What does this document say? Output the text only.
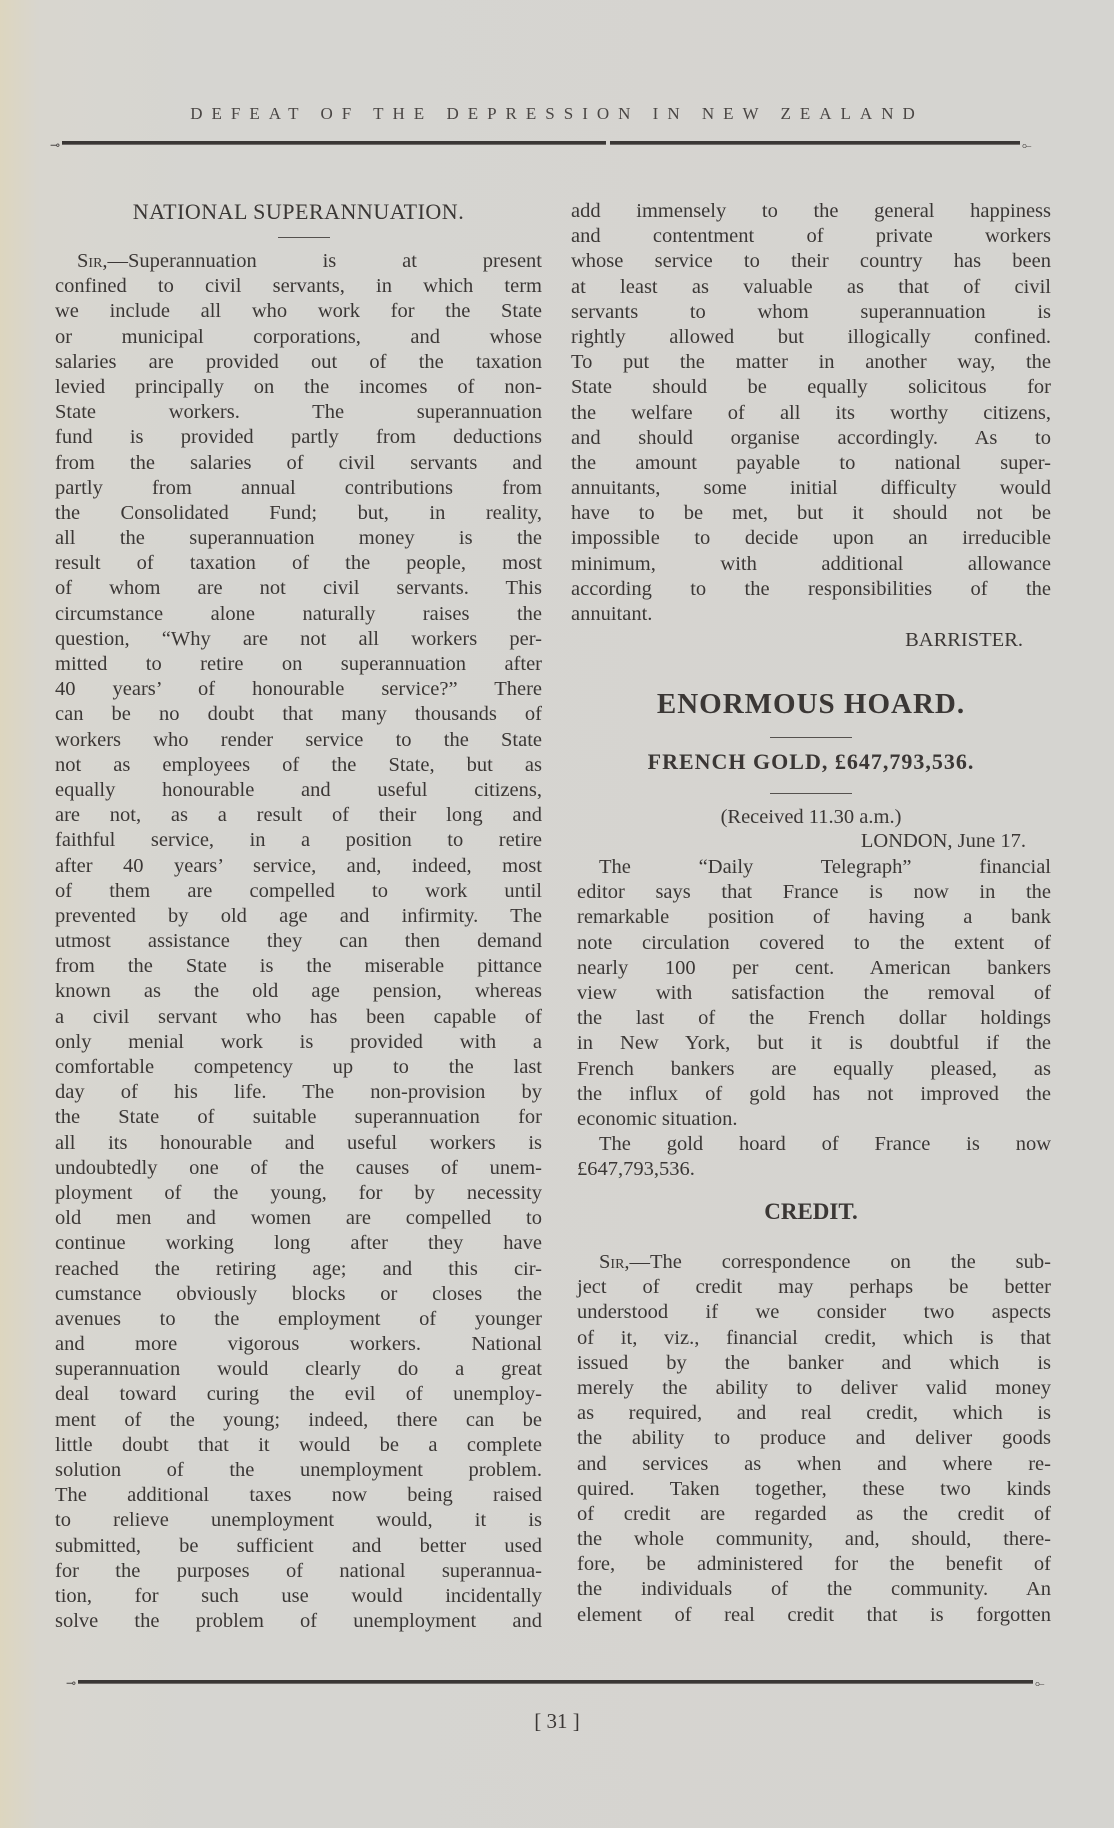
DEFEAT OF THE DEPRESSION IN NEW ZEALAND
⊸	⟜
NATIONAL SUPERANNUATION.
Sir,—Superannuation is at present
confined to civil servants, in which term
we include all who work for the State
or municipal corporations, and whose
salaries are provided out of the taxation
levied principally on the incomes of non-
State workers. The superannuation
fund is provided partly from deductions
from the salaries of civil servants and
partly from annual contributions from
the Consolidated Fund; but, in reality,
all the superannuation money is the
result of taxation of the people, most
of whom are not civil servants. This
circumstance alone naturally raises the
question, “Why are not all workers per-
mitted to retire on superannuation after
40 years’ of honourable service?” There
can be no doubt that many thousands of
workers who render service to the State
not as employees of the State, but as
equally honourable and useful citizens,
are not, as a result of their long and
faithful service, in a position to retire
after 40 years’ service, and, indeed, most
of them are compelled to work until
prevented by old age and infirmity. The
utmost assistance they can then demand
from the State is the miserable pittance
known as the old age pension, whereas
a civil servant who has been capable of
only menial work is provided with a
comfortable competency up to the last
day of his life. The non-provision by
the State of suitable superannuation for
all its honourable and useful workers is
undoubtedly one of the causes of unem-
ployment of the young, for by necessity
old men and women are compelled to
continue working long after they have
reached the retiring age; and this cir-
cumstance obviously blocks or closes the
avenues to the employment of younger
and more vigorous workers. National
superannuation would clearly do a great
deal toward curing the evil of unemploy-
ment of the young; indeed, there can be
little doubt that it would be a complete
solution of the unemployment problem.
The additional taxes now being raised
to relieve unemployment would, it is
submitted, be sufficient and better used
for the purposes of national superannua-
tion, for such use would incidentally
solve the problem of unemployment and
add immensely to the general happiness
and contentment of private workers
whose service to their country has been
at least as valuable as that of civil
servants to whom superannuation is
rightly allowed but illogically confined.
To put the matter in another way, the
State should be equally solicitous for
the welfare of all its worthy citizens,
and should organise accordingly. As to
the amount payable to national super-
annuitants, some initial difficulty would
have to be met, but it should not be
impossible to decide upon an irreducible
minimum, with additional allowance
according to the responsibilities of the
annuitant.
BARRISTER.
ENORMOUS HOARD.
FRENCH GOLD, £647,793,536.
(Received 11.30 a.m.)
LONDON, June 17.
The “Daily Telegraph” financial
editor says that France is now in the
remarkable position of having a bank
note circulation covered to the extent of
nearly 100 per cent. American bankers
view with satisfaction the removal of
the last of the French dollar holdings
in New York, but it is doubtful if the
French bankers are equally pleased, as
the influx of gold has not improved the
economic situation.
The gold hoard of France is now
£647,793,536.
CREDIT.
Sir,—The correspondence on the sub-
ject of credit may perhaps be better
understood if we consider two aspects
of it, viz., financial credit, which is that
issued by the banker and which is
merely the ability to deliver valid money
as required, and real credit, which is
the ability to produce and deliver goods
and services as when and where re-
quired. Taken together, these two kinds
of credit are regarded as the credit of
the whole community, and, should, there-
fore, be administered for the benefit of
the individuals of the community. An
element of real credit that is forgotten
⊸	⟜
[ 31 ]
